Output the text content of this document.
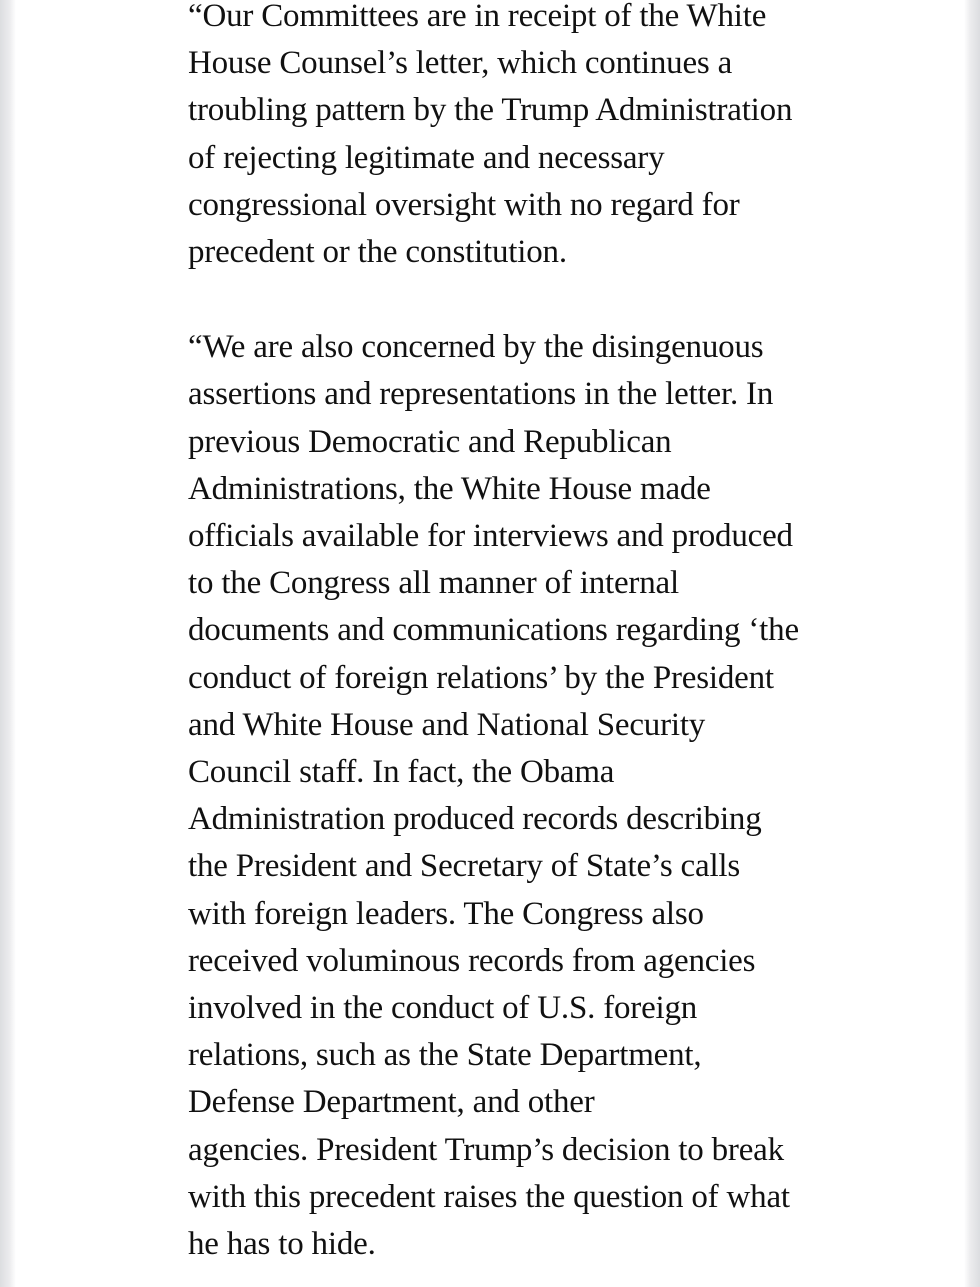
“Our Committees are in receipt of the White
House Counsel’s letter, which continues a
troubling pattern by the Trump Administration
of rejecting legitimate and necessary
congressional oversight with no regard for
precedent or the constitution.

“We are also concerned by the disingenuous
assertions and representations in the letter. In
previous Democratic and Republican
Administrations, the White House made
officials available for interviews and produced
to the Congress all manner of internal
documents and communications regarding ‘the
conduct of foreign relations’ by the President
and White House and National Security
Council staff. In fact, the Obama
Administration produced records describing
the President and Secretary of State’s calls
with foreign leaders. The Congress also
received voluminous records from agencies
involved in the conduct of U.S. foreign
relations, such as the State Department,
Defense Department, and other
agencies. President Trump’s decision to break
with this precedent raises the question of what
he has to hide.
